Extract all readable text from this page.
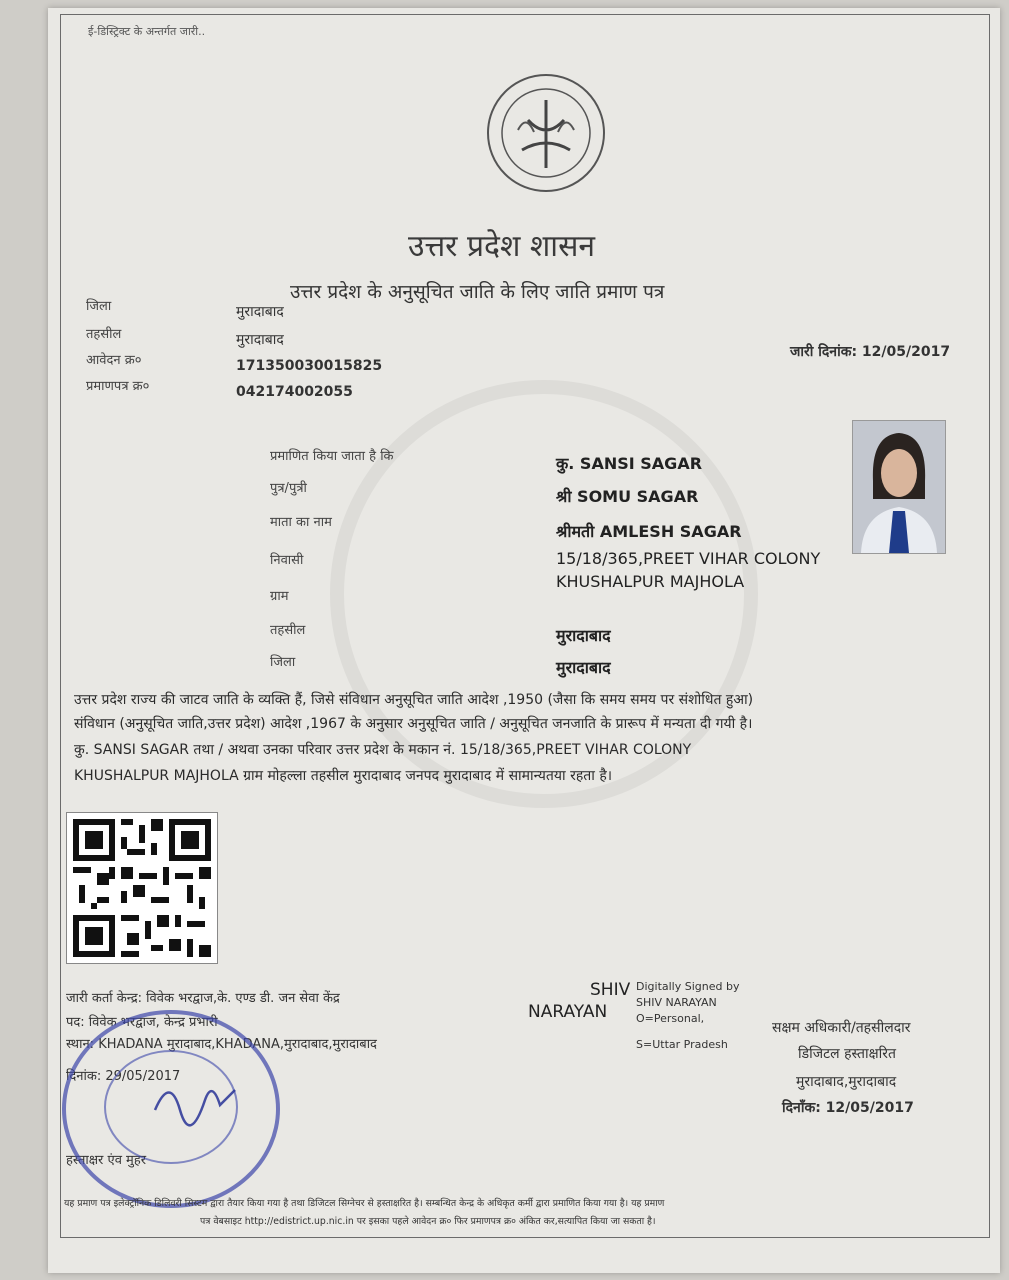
ई-डिस्ट्रिक्ट के अन्तर्गत जारी..
उत्तर प्रदेश शासन
उत्तर प्रदेश के अनुसूचित जाति के लिए जाति प्रमाण पत्र
जिला	मुरादाबाद
तहसील	मुरादाबाद
आवेदन क्र०	171350030015825
प्रमाणपत्र क्र०	042174002055
जारी दिनांक: 12/05/2017
प्रमाणित किया जाता है कि	कु. SANSI SAGAR
पुत्र/पुत्री	श्री SOMU SAGAR
माता का नाम	श्रीमती AMLESH SAGAR
निवासी	15/18/365,PREET VIHAR COLONY
KHUSHALPUR MAJHOLA
ग्राम
तहसील	मुरादाबाद
जिला	मुरादाबाद
उत्तर प्रदेश राज्य की जाटव जाति के व्यक्ति हैं, जिसे संविधान अनुसूचित जाति आदेश ,1950 (जैसा कि समय समय पर संशोधित हुआ)
संविधान (अनुसूचित जाति,उत्तर प्रदेश) आदेश ,1967 के अनुसार अनुसूचित जाति / अनुसूचित जनजाति के प्रारूप में मन्यता दी गयी है।
कु. SANSI SAGAR तथा / अथवा उनका परिवार उत्तर प्रदेश के मकान नं. 15/18/365,PREET VIHAR COLONY
KHUSHALPUR MAJHOLA ग्राम मोहल्ला तहसील मुरादाबाद जनपद मुरादाबाद में सामान्यतया रहता है।
जारी कर्ता केन्द्र: विवेक भरद्वाज,के. एण्ड डी. जन सेवा केंद्र
पद: विवेक भरद्वाज, केन्द्र प्रभारी
स्थान: KHADANA मुरादाबाद,KHADANA,मुरादाबाद,मुरादाबाद
दिनांक: 29/05/2017
हस्ताक्षर एंव मुहर
SHIV
NARAYAN
Digitally Signed by
SHIV NARAYAN
O=Personal,
S=Uttar Pradesh
सक्षम अधिकारी/तहसीलदार
डिजिटल हस्ताक्षरित
मुरादाबाद,मुरादाबाद
दिनाँक: 12/05/2017
यह प्रमाण पत्र इलेक्ट्रॉनिक डिलिवरी सिस्टम द्वारा तैयार किया गया है तथा डिजिटल सिग्नेचर से हस्ताक्षरित है। सम्बन्धित केन्द्र के अधिकृत कर्मी द्वारा प्रमाणित किया गया है। यह प्रमाण
पत्र वेबसाइट http://edistrict.up.nic.in पर इसका पहले आवेदन क्र० फिर प्रमाणपत्र क्र० अंकित कर,सत्यापित किया जा सकता है।
